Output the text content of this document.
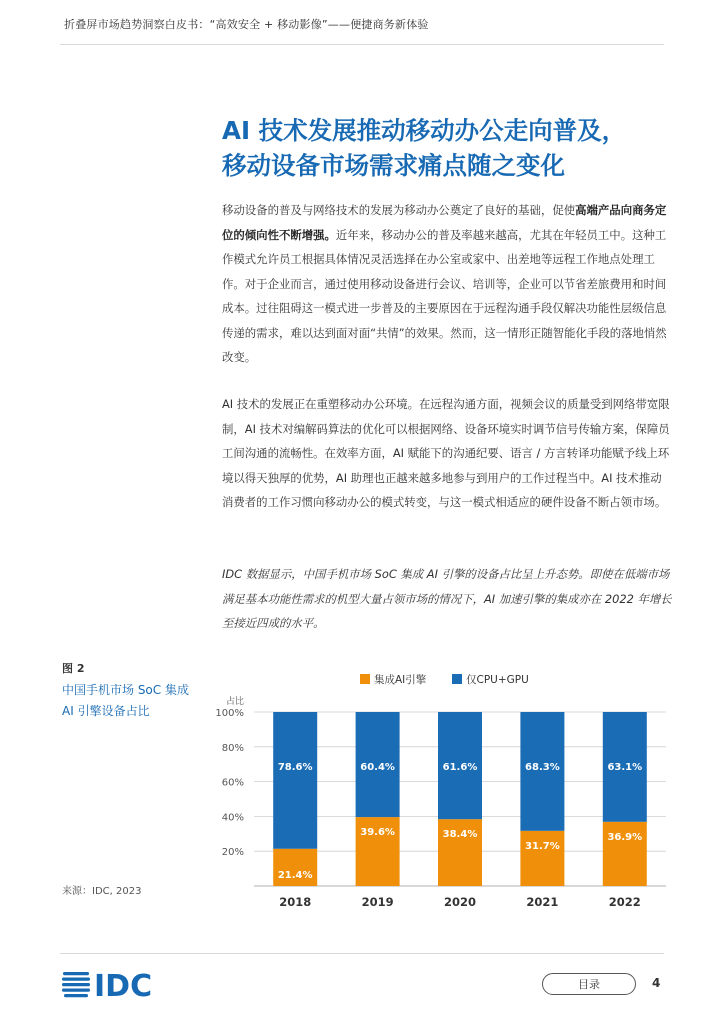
折叠屏市场趋势洞察白皮书：“高效安全 + 移动影像”——便捷商务新体验
AI 技术发展推动移动办公走向普及，
移动设备市场需求痛点随之变化

移动设备的普及与网络技术的发展为移动办公奠定了良好的基础，促使高端产品向商务定位的倾向性不断增强。近年来，移动办公的普及率越来越高，尤其在年轻员工中。这种工作模式允许员工根据具体情况灵活选择在办公室或家中、出差地等远程工作地点处理工作。对于企业而言，通过使用移动设备进行会议、培训等，企业可以节省差旅费用和时间成本。过往阻碍这一模式进一步普及的主要原因在于远程沟通手段仅解决功能性层级信息传递的需求，难以达到面对面“共情”的效果。然而，这一情形正随智能化手段的落地悄然改变。

AI 技术的发展正在重塑移动办公环境。在远程沟通方面，视频会议的质量受到网络带宽限制，AI 技术对编解码算法的优化可以根据网络、设备环境实时调节信号传输方案，保障员工间沟通的流畅性。在效率方面，AI 赋能下的沟通纪要、语言 / 方言转译功能赋予线上环境以得天独厚的优势，AI 助理也正越来越多地参与到用户的工作过程当中。AI 技术推动消费者的工作习惯向移动办公的模式转变，与这一模式相适应的硬件设备不断占领市场。

IDC 数据显示，中国手机市场 SoC 集成 AI 引擎的设备占比呈上升态势。即使在低端市场满足基本功能性需求的机型大量占领市场的情况下，AI 加速引擎的集成亦在 2022 年增长至接近四成的水平。

图 2
中国手机市场 SoC 集成 AI 引擎设备占比
来源：IDC, 2023
20%
40%
60%
80%
100%
占比
集成AI引擎	仅CPU+GPU
21.4%
78.6%
2018
39.6%
60.4%
2019
38.4%
61.6%
2020
31.7%
68.3%
2021
36.9%
63.1%
2022
IDC	目录	4
